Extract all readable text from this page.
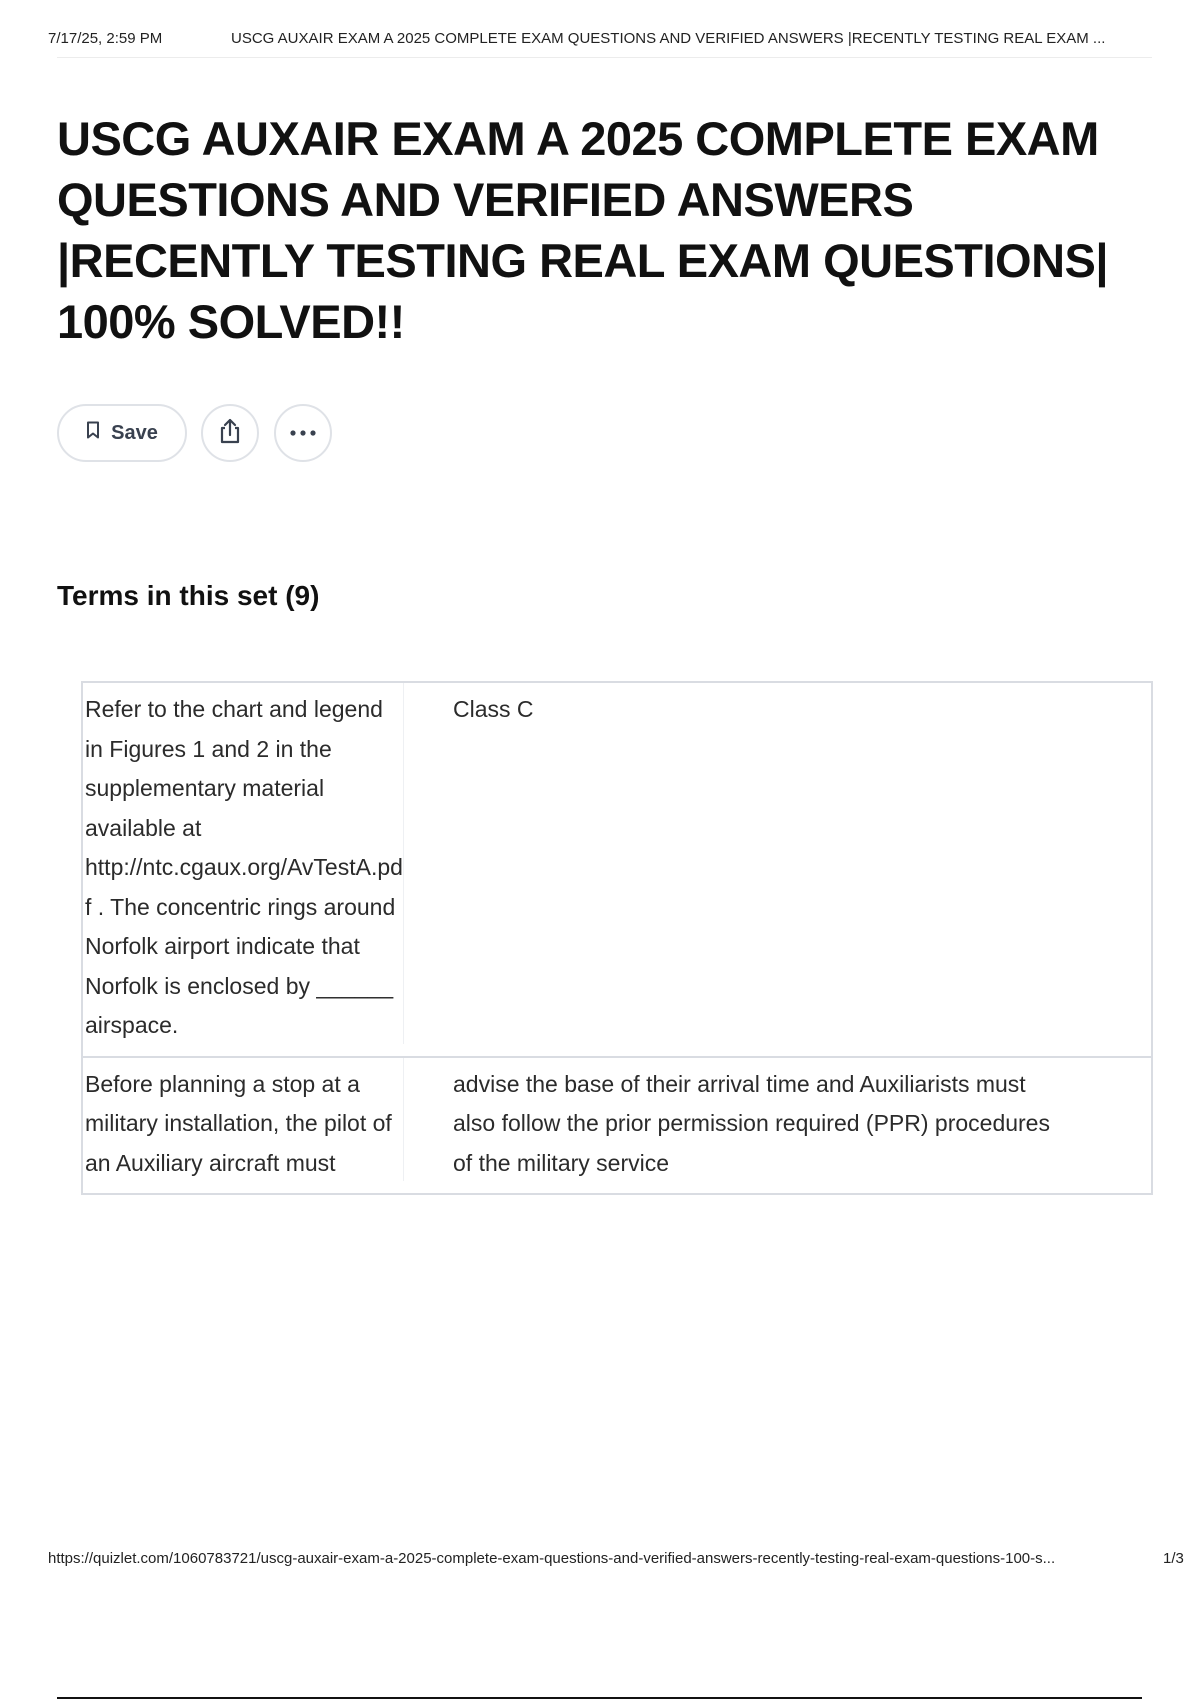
7/17/25, 2:59 PM	USCG AUXAIR EXAM A 2025 COMPLETE EXAM QUESTIONS AND VERIFIED ANSWERS |RECENTLY TESTING REAL EXAM ...
USCG AUXAIR EXAM A 2025 COMPLETE EXAM QUESTIONS AND VERIFIED ANSWERS |RECENTLY TESTING REAL EXAM QUESTIONS| 100% SOLVED!!
Save
Terms in this set (9)
Refer to the chart and legend in Figures 1 and 2 in the supplementary material available at http://ntc.cgaux.org/AvTestA.pdf . The concentric rings around Norfolk airport indicate that Norfolk is enclosed by ______ airspace.
Class C
Before planning a stop at a military installation, the pilot of an Auxiliary aircraft must
advise the base of their arrival time and Auxiliarists must also follow the prior permission required (PPR) procedures of the military service
https://quizlet.com/1060783721/uscg-auxair-exam-a-2025-complete-exam-questions-and-verified-answers-recently-testing-real-exam-questions-100-s...	1/3
